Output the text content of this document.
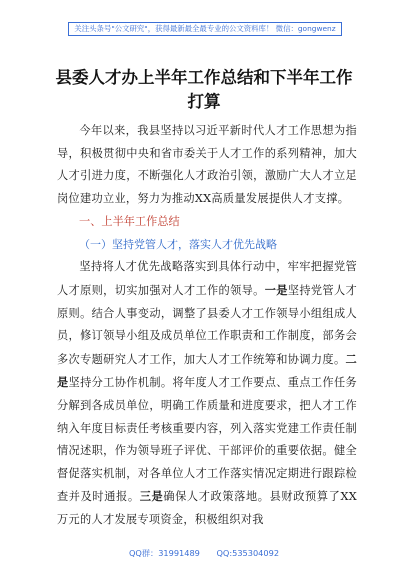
关注头条号"公文研究"，获得最新最全最专业的公文资料库！ 微信：gongwenz
县委人才办上半年工作总结和下半年工作
打算

今年以来，我县坚持以习近平新时代人才工作思想为指导，积极贯彻中央和省市委关于人才工作的系列精神，加大人才引进力度，不断强化人才政治引领，激励广大人才立足岗位建功立业，努力为推动XX高质量发展提供人才支撑。

一、上半年工作总结

（一）坚持党管人才，落实人才优先战略

坚持将人才优先战略落实到具体行动中，牢牢把握党管人才原则，切实加强对人才工作的领导。一是坚持党管人才原则。结合人事变动，调整了县委人才工作领导小组组成人员，修订领导小组及成员单位工作职责和工作制度，部务会多次专题研究人才工作，加大人才工作统筹和协调力度。二是坚持分工协作机制。将年度人才工作要点、重点工作任务分解到各成员单位，明确工作质量和进度要求，把人才工作纳入年度目标责任考核重要内容，列入落实党建工作责任制情况述职，作为领导班子评优、干部评价的重要依据。健全督促落实机制，对各单位人才工作落实情况定期进行跟踪检查并及时通报。三是确保人才政策落地。县财政预算了XX万元的人才发展专项资金，积极组织对我

QQ群：31991489 QQ:535304092
